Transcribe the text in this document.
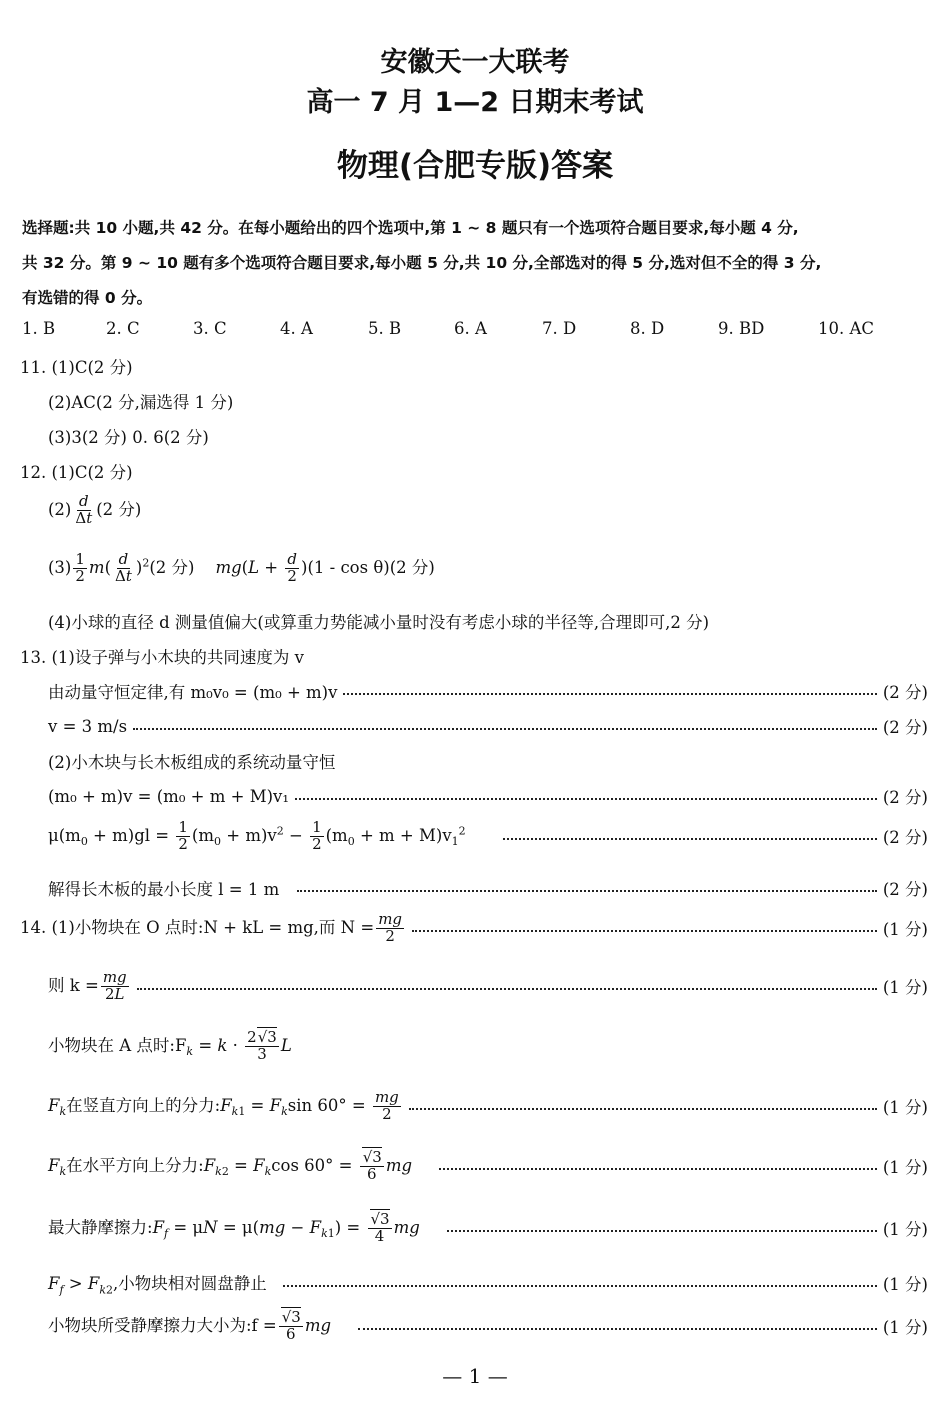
安徽天一大联考
高一 7 月 1—2 日期末考试
物理(合肥专版)答案
选择题:共 10 小题,共 42 分。在每小题给出的四个选项中,第 1 ~ 8 题只有一个选项符合题目要求,每小题 4 分,
共 32 分。第 9 ~ 10 题有多个选项符合题目要求,每小题 5 分,共 10 分,全部选对的得 5 分,选对但不全的得 3 分,
有选错的得 0 分。
1. B	2. C	3. C	4. A	5. B	6. A	7. D	8. D	9. BD	10. AC
11. (1)C(2 分)
(2)AC(2 分,漏选得 1 分)
(3)3(2 分) 0. 6(2 分)
12. (1)C(2 分)
$(2) \frac{d}{\Delta t} (2$ 分)
$(3) \frac{1}{2} m( \frac{d}{\Delta t} )^2(2$ 分) $mg(L + \frac{d}{2} )(1 - \cos \theta)(2$ 分)
(4)小球的直径 d 测量值偏大(或算重力势能减小量时没有考虑小球的半径等,合理即可,2 分)
13. (1)设子弹与小木块的共同速度为 v
由动量守恒定律,有 m₀v₀ = (m₀ + m)v	(2 分)
v = 3 m/s	(2 分)
(2)小木块与长木板组成的系统动量守恒
(m₀ + m)v = (m₀ + m + M)v₁	(2 分)
$\mu(m_0 + m)gl = \frac{1}{2} (m_0 + m)v^2 - \frac{1}{2} (m_0 + m + M)v_1^2$	(2 分)
解得长木板的最小长度 l = 1 m	(2 分)
14. (1)小物块在 O 点时:N + kL = mg,而 $N = \frac{mg}{2}$	(1 分)
则 $k = \frac{mg}{2L}$	(1 分)
小物块在 A 点时$:F_k = k \cdot \frac{2√3}{3}$ L
$F_k$在竖直方向上的分力$:F_{k1} = F_k\sin$ $60^\circ = \frac{mg}{2}$	(1 分)
$F_k$在水平方向上分力$:F_{k2} = F_k\cos$ $60^\circ = \frac{√3}{6}$ mg	(1 分)
最大静摩擦力$:F_f = \mu N = \mu(mg - F_{k1}) = \frac{√3}{4}$ mg	(1 分)
$F_f > F_{k2}$,小物块相对圆盘静止	(1 分)
小物块所受静摩擦力大小为:f = $\frac{√3}{6}$ mg	(1 分)
— 1 —
